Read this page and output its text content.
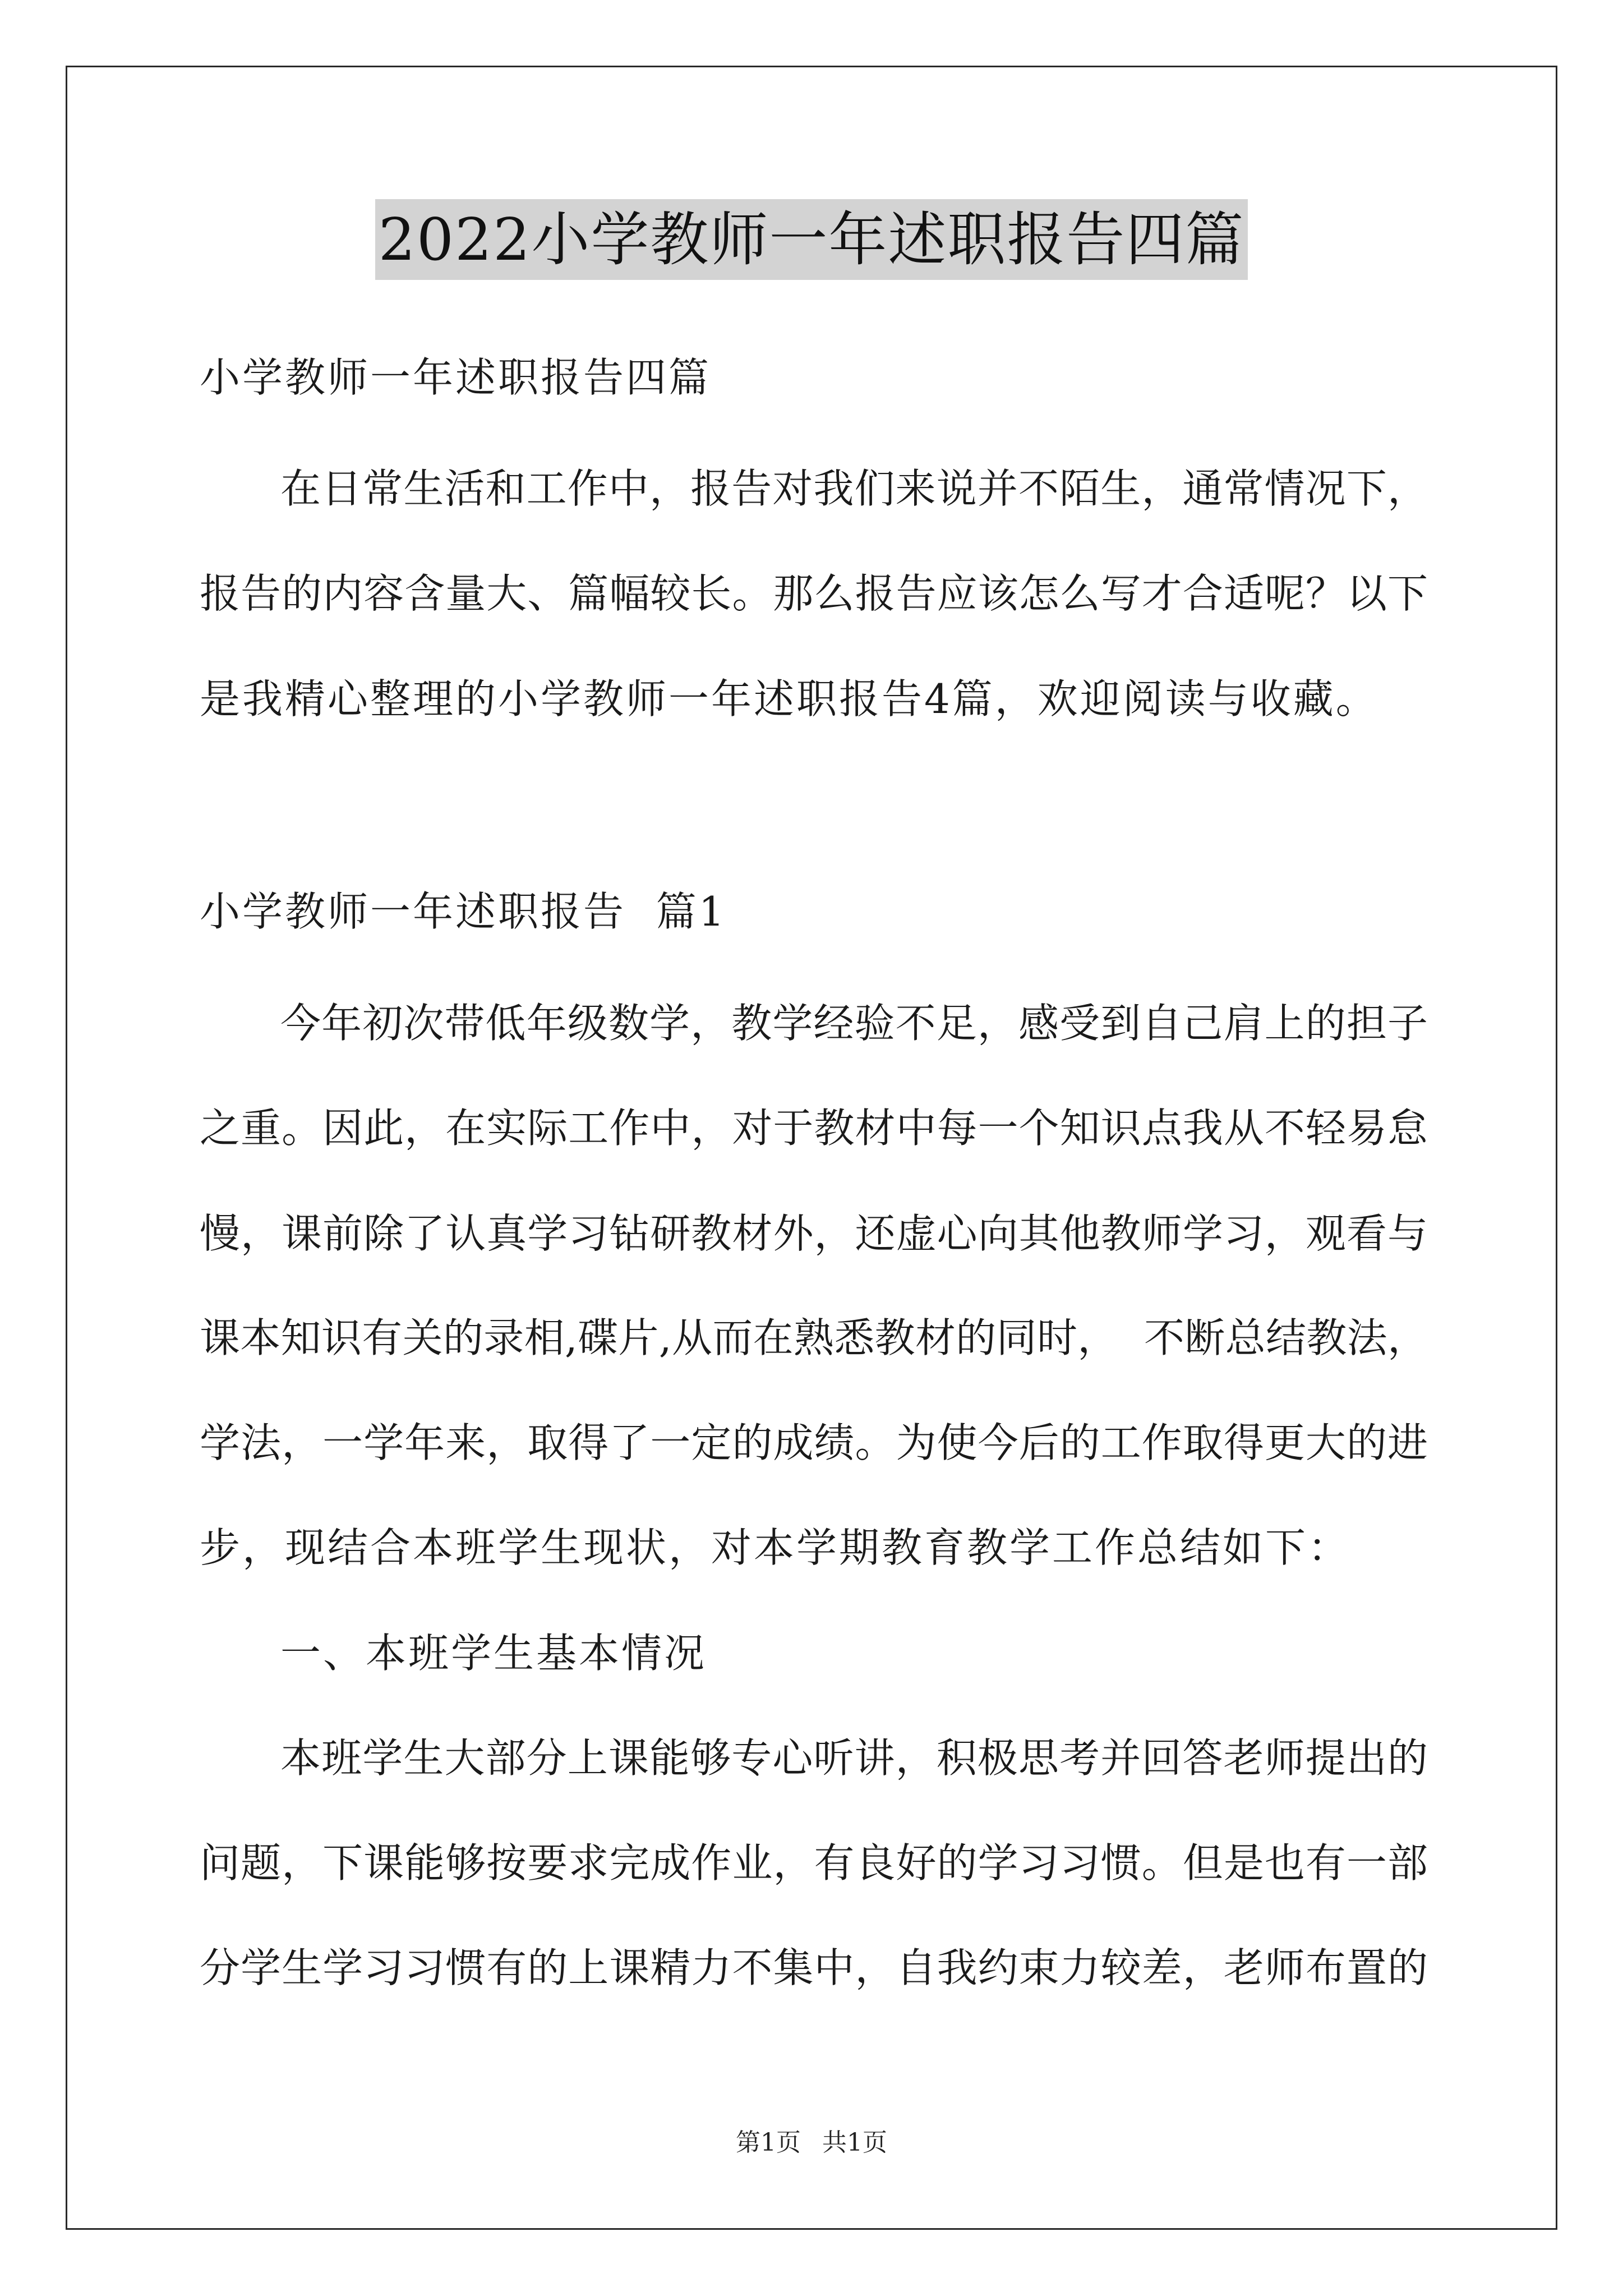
2022小学教师一年述职报告四篇
小学教师一年述职报告四篇
在日常生活和工作中，报告对我们来说并不陌生，通常情况下，
报告的内容含量大、篇幅较长。那么报告应该怎么写才合适呢？以下
是我精心整理的小学教师一年述职报告4篇，欢迎阅读与收藏。
小学教师一年述职报告  篇1
今年初次带低年级数学，教学经验不足，感受到自己肩上的担子
之重。因此，在实际工作中，对于教材中每一个知识点我从不轻易怠
慢，课前除了认真学习钻研教材外，还虚心向其他教师学习，观看与
课本知识有关的录相,碟片,从而在熟悉教材的同时，  不断总结教法，
学法，一学年来，取得了一定的成绩。为使今后的工作取得更大的进
步，现结合本班学生现状，对本学期教育教学工作总结如下：
一、本班学生基本情况
本班学生大部分上课能够专心听讲，积极思考并回答老师提出的
问题，下课能够按要求完成作业，有良好的学习习惯。但是也有一部
分学生学习习惯有的上课精力不集中，自我约束力较差，老师布置的
第1页 共1页
